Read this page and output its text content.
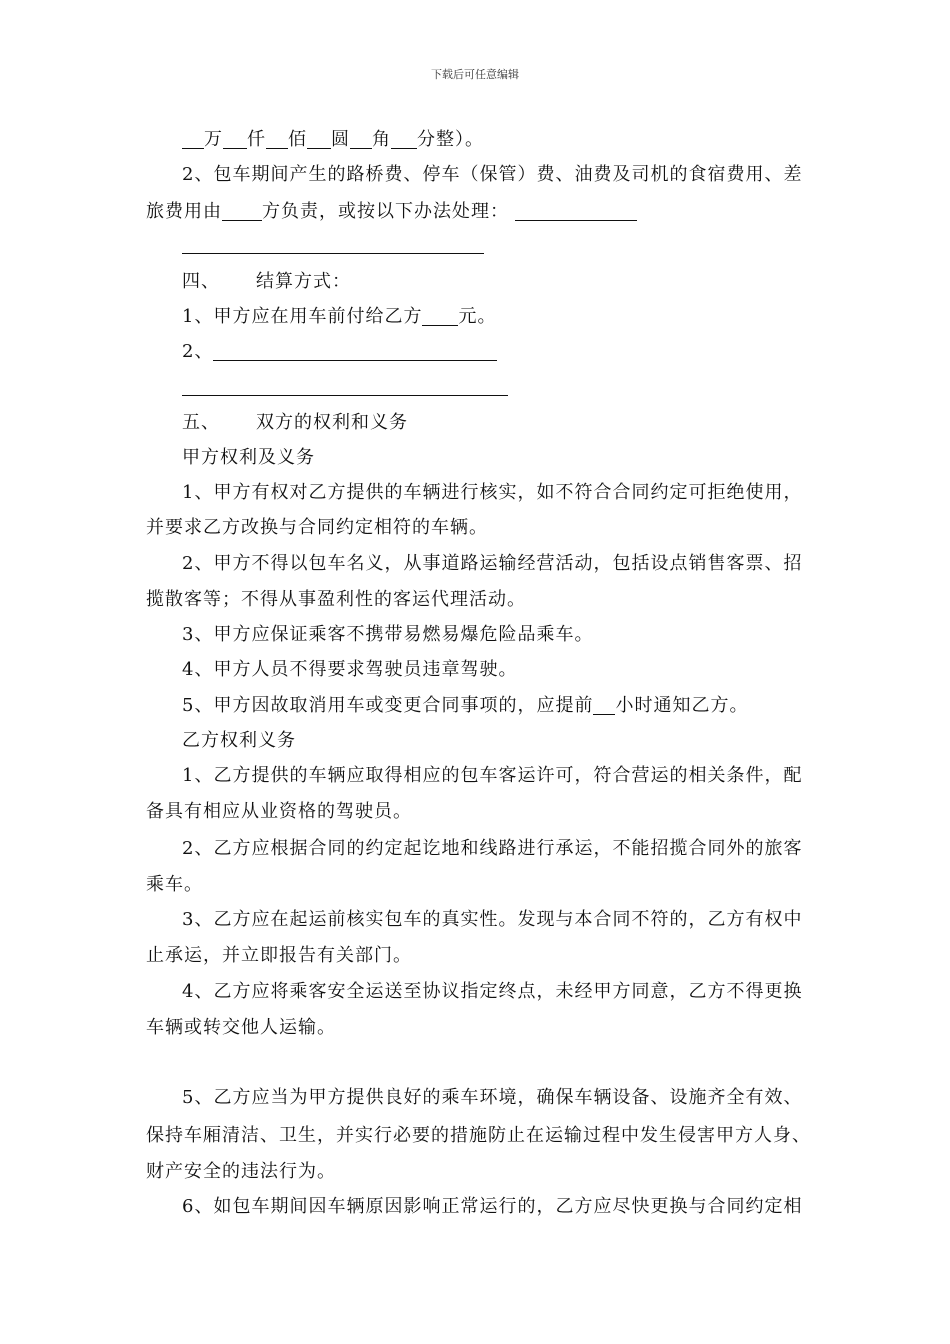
下载后可任意编辑
万 仟 佰 圆 角 分整）。
2、包车期间产生的路桥费、停车（保管）费、油费及司机的食宿费用、差
旅费用由 方负责，或按以下办法处理：
四、 结算方式：
1、甲方应在用车前付给乙方 元。
2、
五、 双方的权利和义务
甲方权利及义务
1、甲方有权对乙方提供的车辆进行核实，如不符合合同约定可拒绝使用，
并要求乙方改换与合同约定相符的车辆。
2、甲方不得以包车名义，从事道路运输经营活动，包括设点销售客票、招
揽散客等；不得从事盈利性的客运代理活动。
3、甲方应保证乘客不携带易燃易爆危险品乘车。
4、甲方人员不得要求驾驶员违章驾驶。
5、甲方因故取消用车或变更合同事项的，应提前 小时通知乙方。
乙方权利义务
1、乙方提供的车辆应取得相应的包车客运许可，符合营运的相关条件，配
备具有相应从业资格的驾驶员。
2、乙方应根据合同的约定起讫地和线路进行承运，不能招揽合同外的旅客
乘车。
3、乙方应在起运前核实包车的真实性。发现与本合同不符的，乙方有权中
止承运，并立即报告有关部门。
4、乙方应将乘客安全运送至协议指定终点，未经甲方同意，乙方不得更换
车辆或转交他人运输。
5、乙方应当为甲方提供良好的乘车环境，确保车辆设备、设施齐全有效、
保持车厢清洁、卫生，并实行必要的措施防止在运输过程中发生侵害甲方人身、
财产安全的违法行为。
6、如包车期间因车辆原因影响正常运行的，乙方应尽快更换与合同约定相
